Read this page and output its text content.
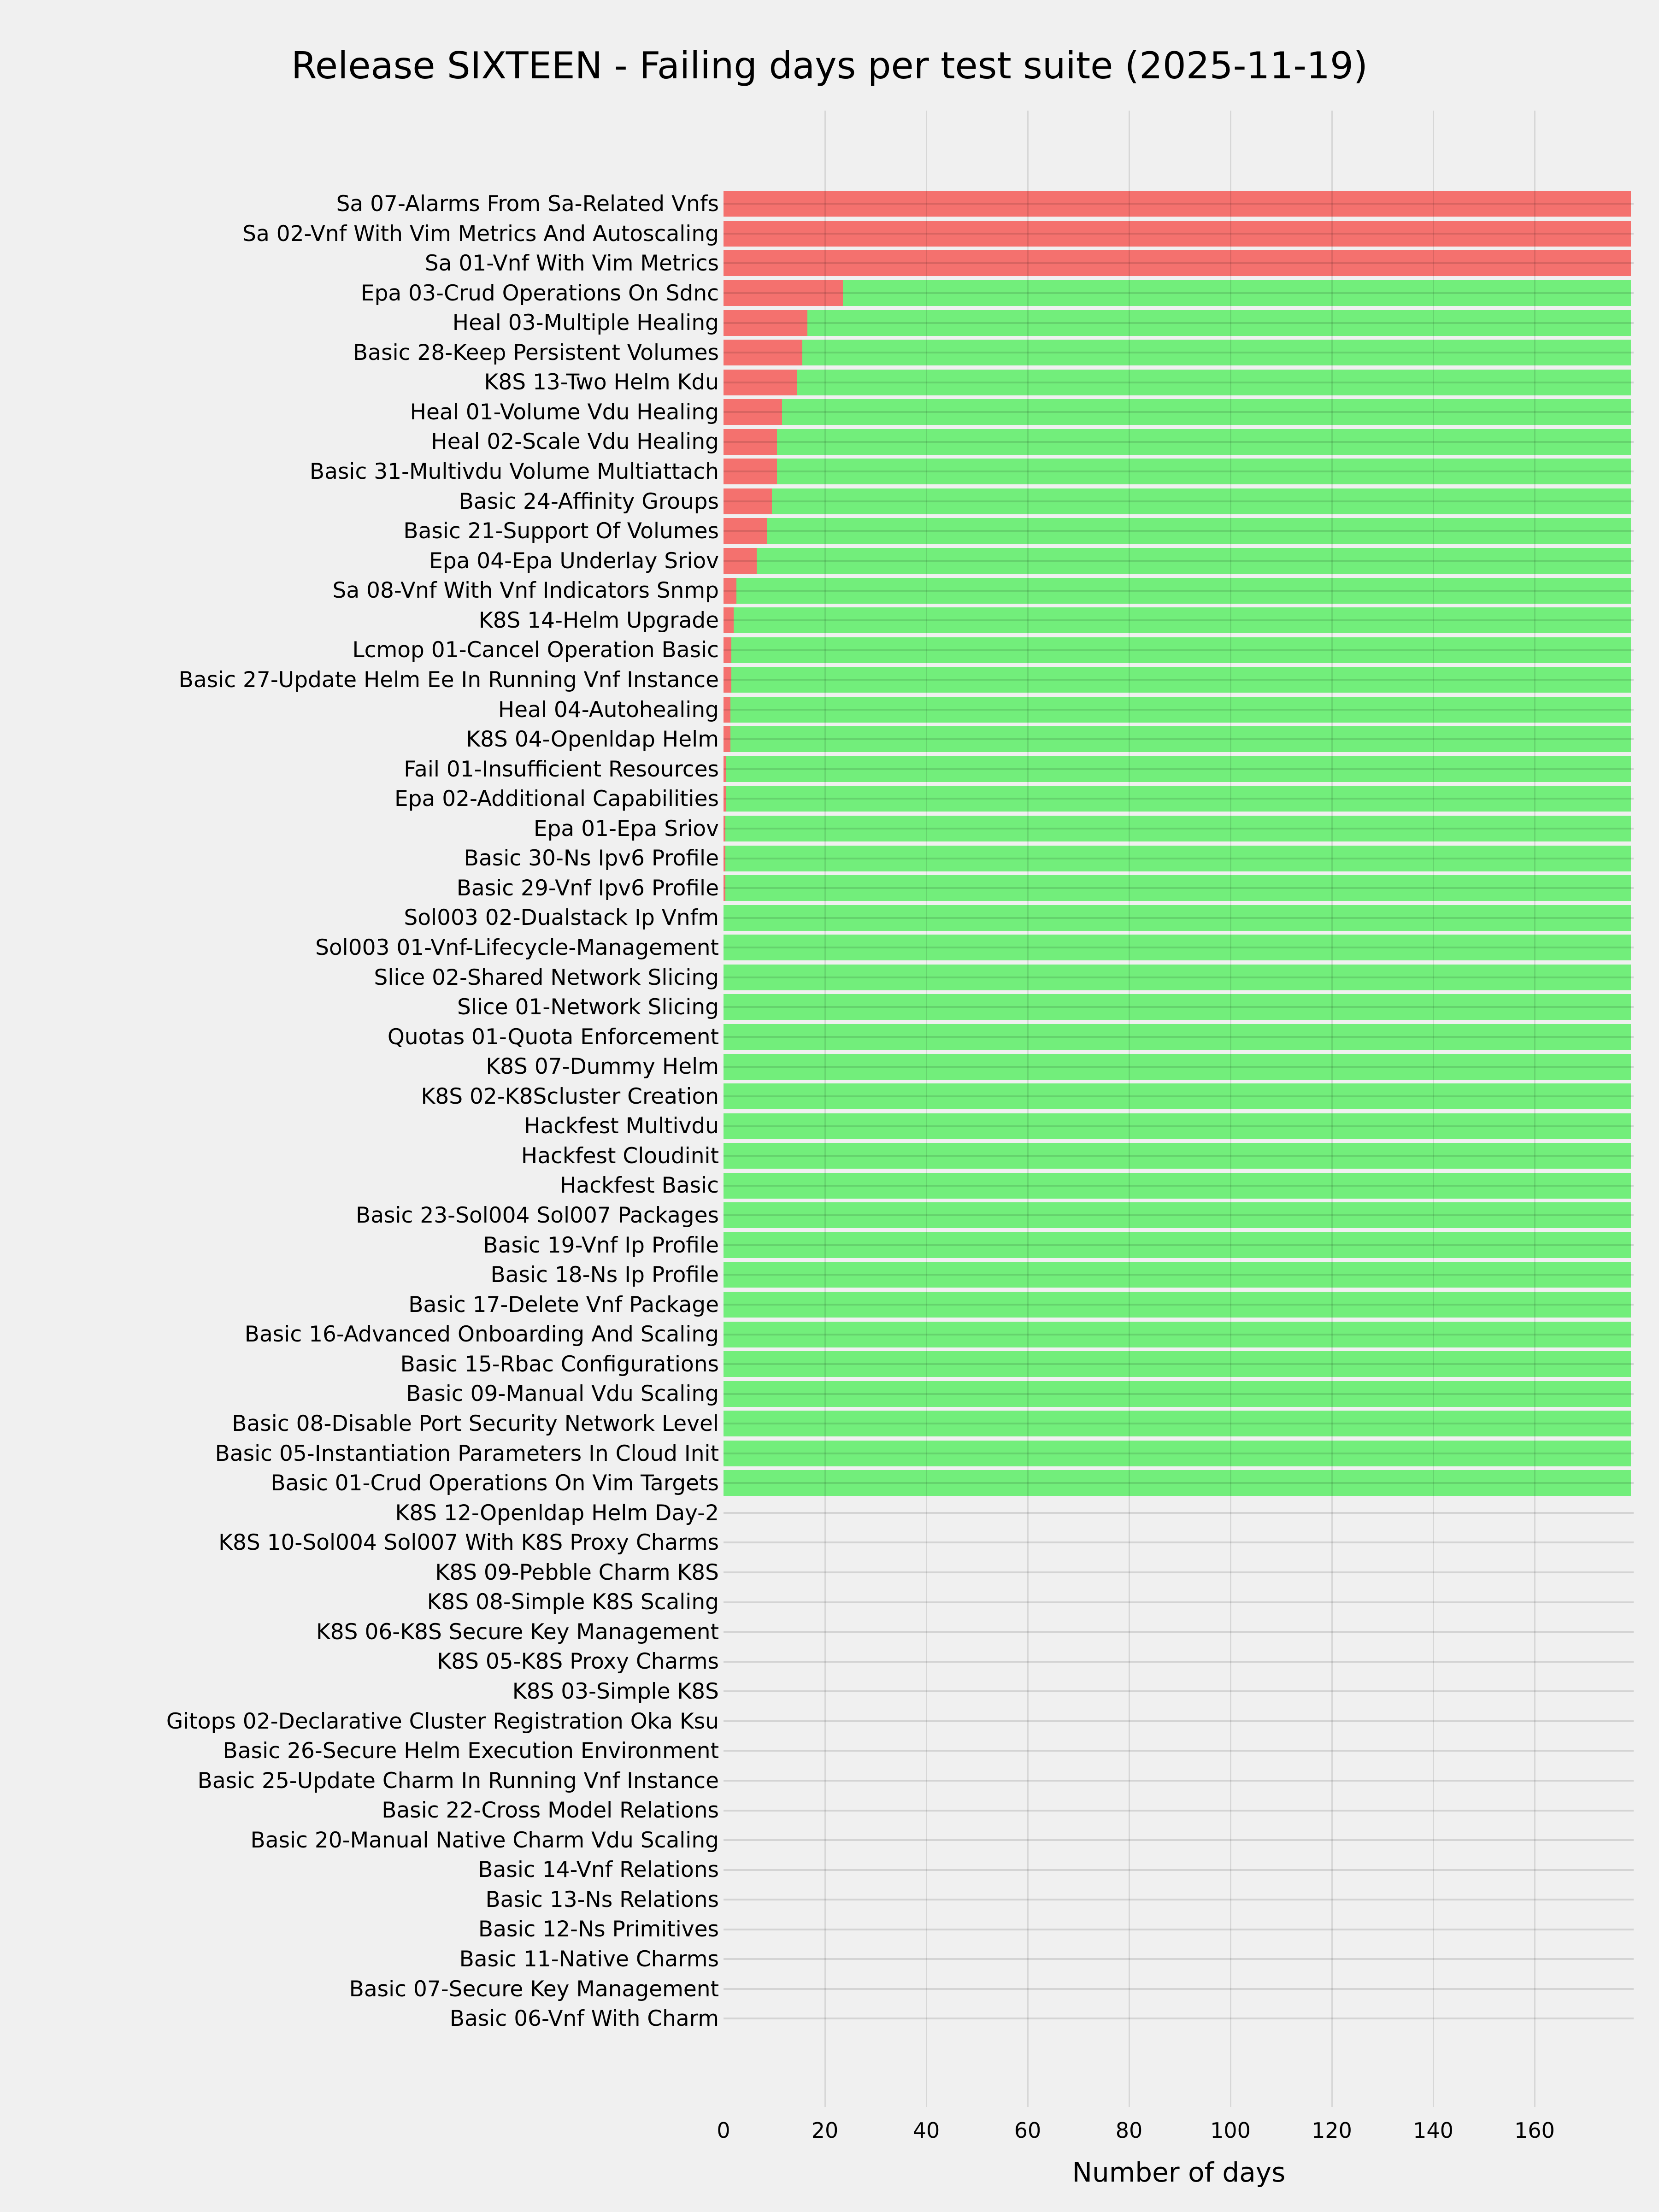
Release SIXTEEN - Failing days per test suite (2025-11-19)
Sa 07-Alarms From Sa-Related Vnfs
Sa 02-Vnf With Vim Metrics And Autoscaling
Sa 01-Vnf With Vim Metrics
Epa 03-Crud Operations On Sdnc
Heal 03-Multiple Healing
Basic 28-Keep Persistent Volumes
K8S 13-Two Helm Kdu
Heal 01-Volume Vdu Healing
Heal 02-Scale Vdu Healing
Basic 31-Multivdu Volume Multiattach
Basic 24-Affinity Groups
Basic 21-Support Of Volumes
Epa 04-Epa Underlay Sriov
Sa 08-Vnf With Vnf Indicators Snmp
K8S 14-Helm Upgrade
Lcmop 01-Cancel Operation Basic
Basic 27-Update Helm Ee In Running Vnf Instance
Heal 04-Autohealing
K8S 04-Openldap Helm
Fail 01-Insufficient Resources
Epa 02-Additional Capabilities
Epa 01-Epa Sriov
Basic 30-Ns Ipv6 Profile
Basic 29-Vnf Ipv6 Profile
Sol003 02-Dualstack Ip Vnfm
Sol003 01-Vnf-Lifecycle-Management
Slice 02-Shared Network Slicing
Slice 01-Network Slicing
Quotas 01-Quota Enforcement
K8S 07-Dummy Helm
K8S 02-K8Scluster Creation
Hackfest Multivdu
Hackfest Cloudinit
Hackfest Basic
Basic 23-Sol004 Sol007 Packages
Basic 19-Vnf Ip Profile
Basic 18-Ns Ip Profile
Basic 17-Delete Vnf Package
Basic 16-Advanced Onboarding And Scaling
Basic 15-Rbac Configurations
Basic 09-Manual Vdu Scaling
Basic 08-Disable Port Security Network Level
Basic 05-Instantiation Parameters In Cloud Init
Basic 01-Crud Operations On Vim Targets
K8S 12-Openldap Helm Day-2
K8S 10-Sol004 Sol007 With K8S Proxy Charms
K8S 09-Pebble Charm K8S
K8S 08-Simple K8S Scaling
K8S 06-K8S Secure Key Management
K8S 05-K8S Proxy Charms
K8S 03-Simple K8S
Gitops 02-Declarative Cluster Registration Oka Ksu
Basic 26-Secure Helm Execution Environment
Basic 25-Update Charm In Running Vnf Instance
Basic 22-Cross Model Relations
Basic 20-Manual Native Charm Vdu Scaling
Basic 14-Vnf Relations
Basic 13-Ns Relations
Basic 12-Ns Primitives
Basic 11-Native Charms
Basic 07-Secure Key Management
Basic 06-Vnf With Charm
0	20	40	60	80	100	120	140	160
Number of days
